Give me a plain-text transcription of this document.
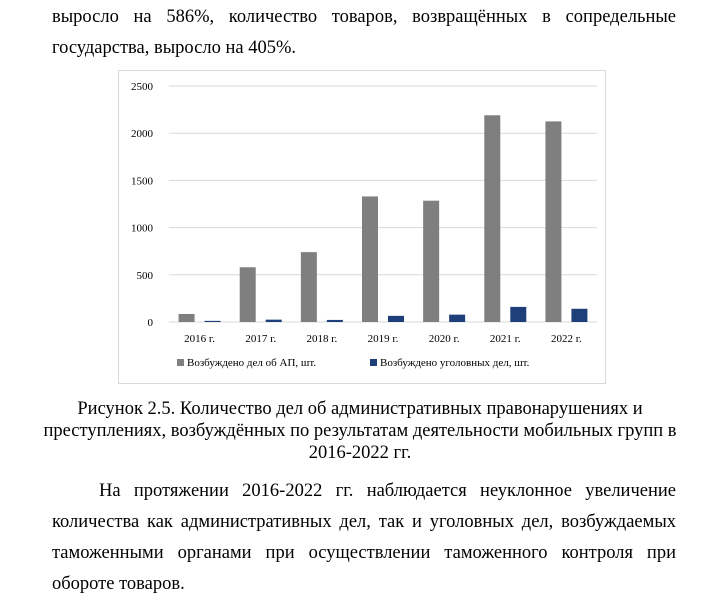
выросло на 586%, количество товаров, возвращённых в сопредельные государства, выросло на 405%.

0
500
1000
1500
2000
2500
2016 г.	2017 г.	2018 г.	2019 г.	2020 г.	2021 г.	2022 г.
Возбуждено дел об АП, шт.	Возбуждено уголовных дел, шт.

Рисунок 2.5. Количество дел об административных правонарушениях и преступлениях, возбуждённых по результатам деятельности мобильных групп в 2016-2022 гг.

На протяжении 2016-2022 гг. наблюдается неуклонное увеличение количества как административных дел, так и уголовных дел, возбуждаемых таможенными органами при осуществлении таможенного контроля при обороте товаров.
